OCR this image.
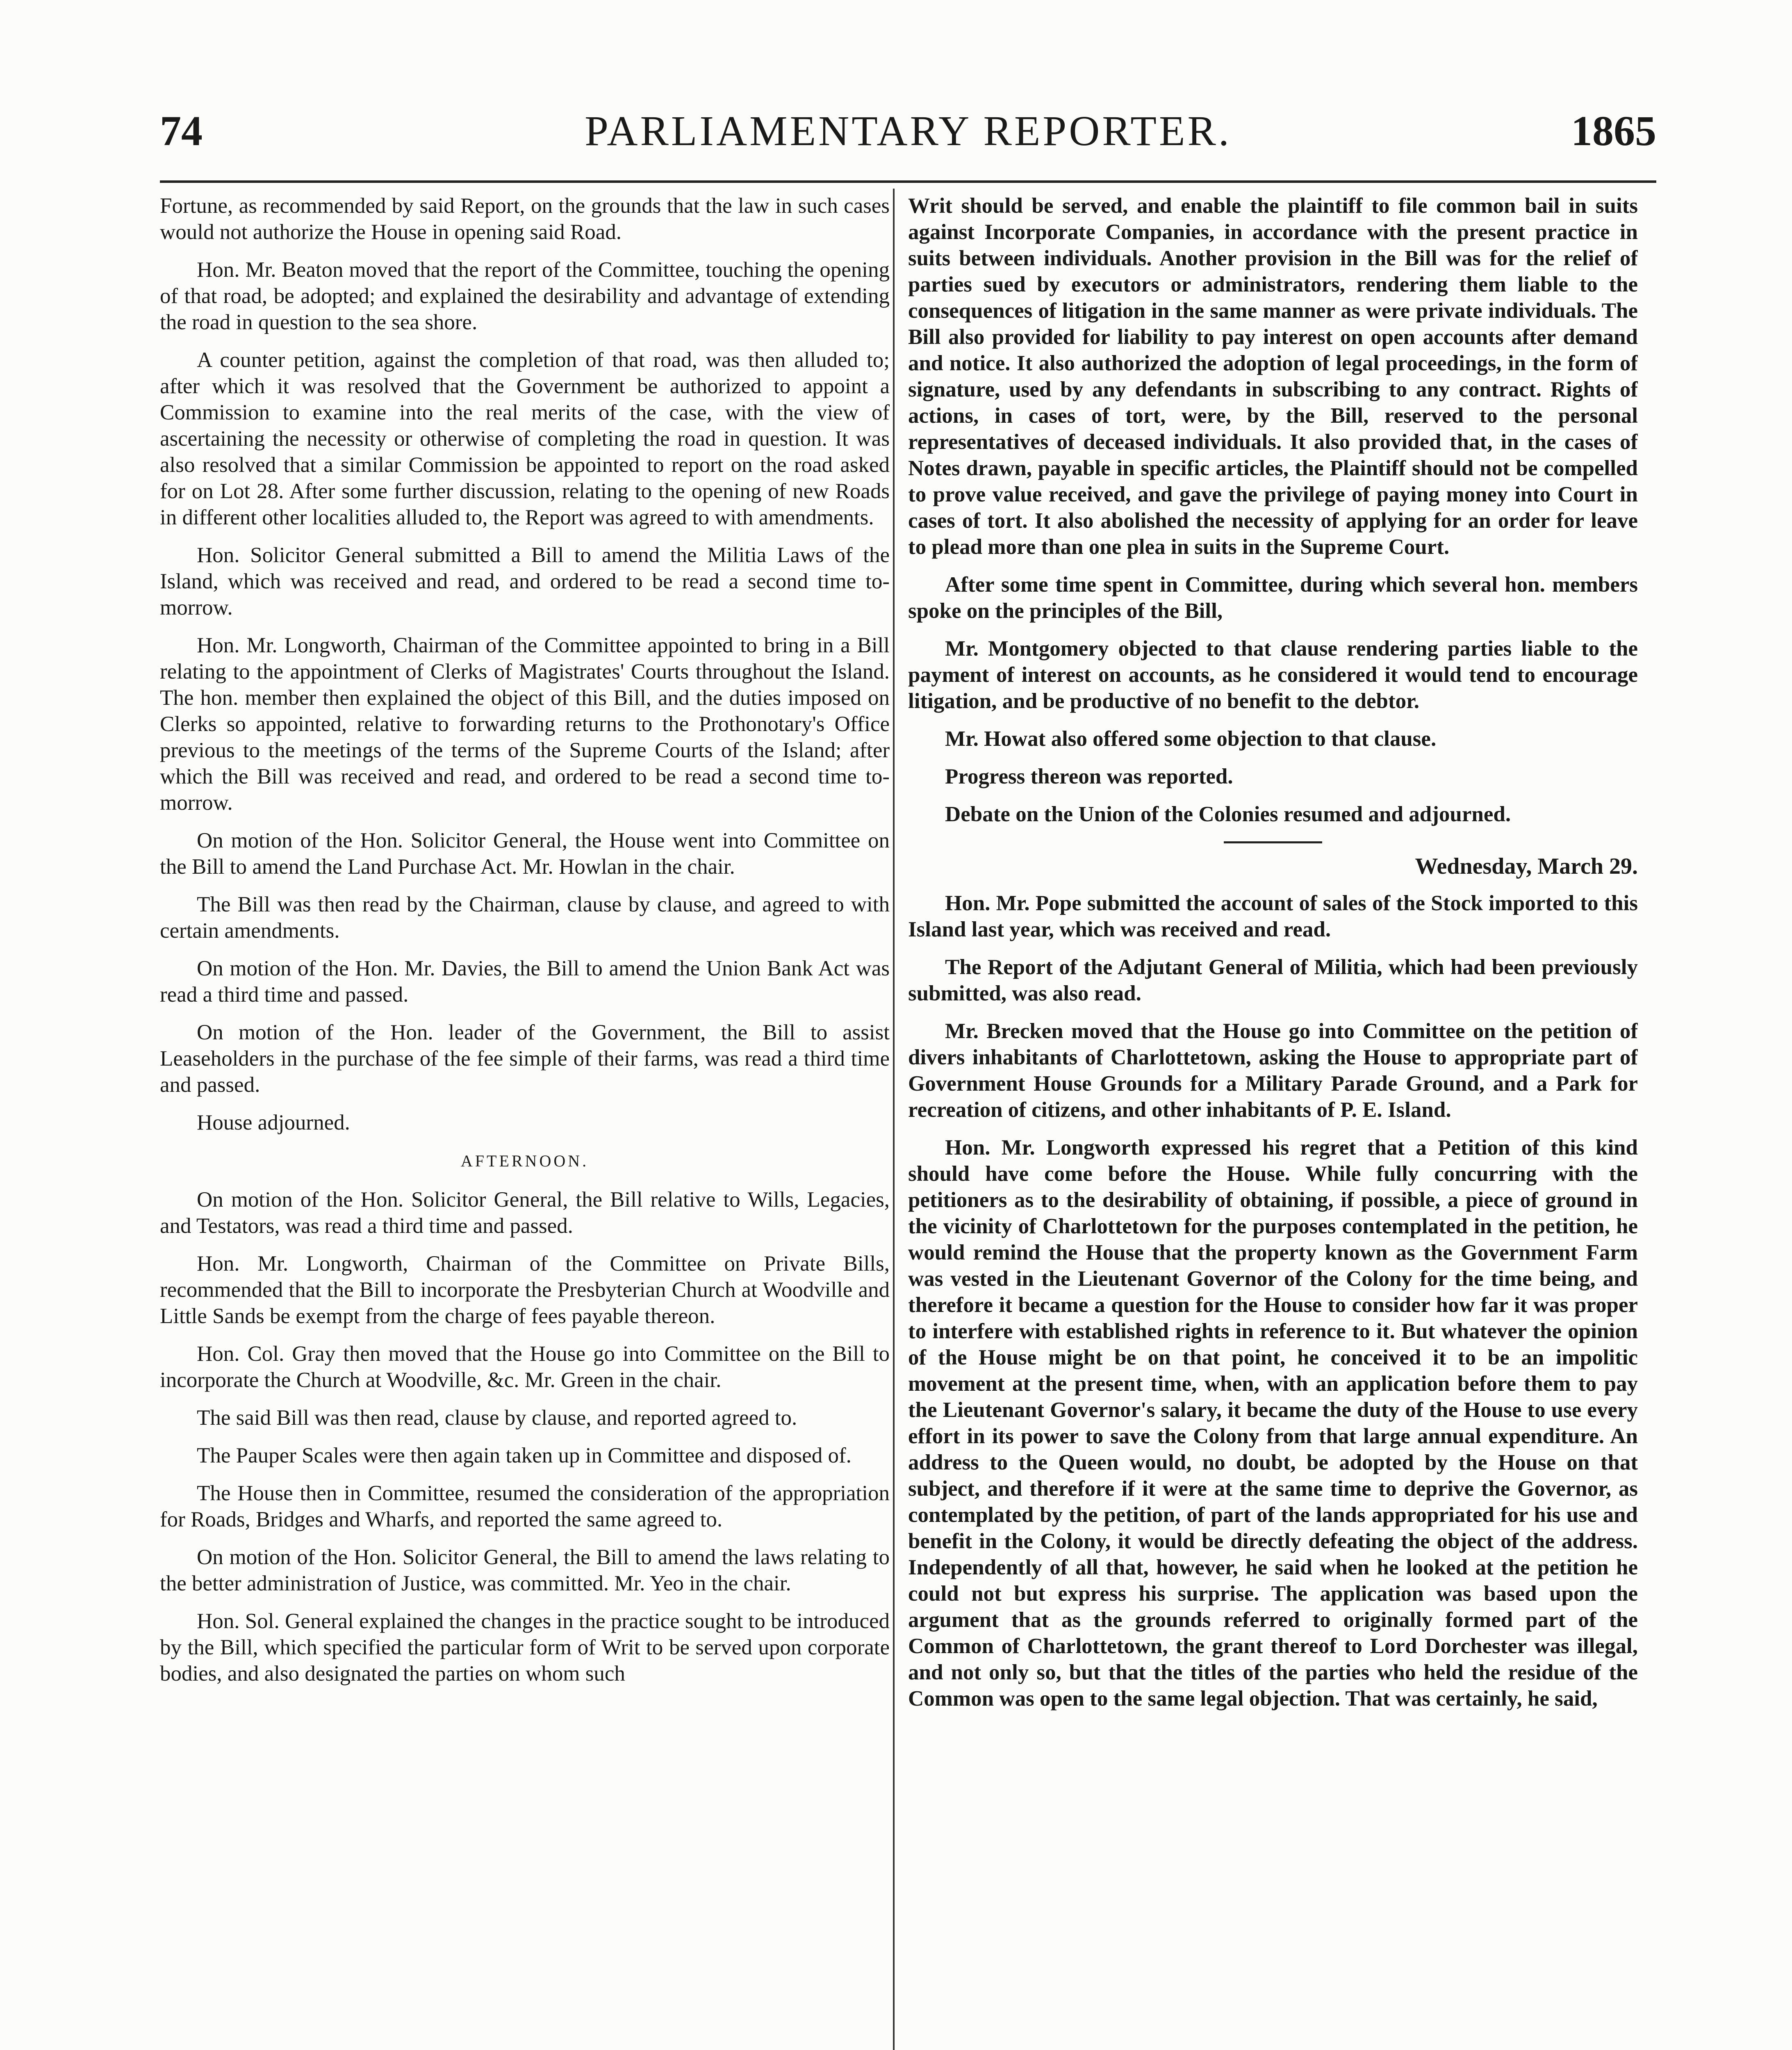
74	PARLIAMENTARY REPORTER.	1865

Fortune, as recommended by said Report, on the grounds that the law in such cases would not authorize the House in opening said Road.

Hon. Mr. Beaton moved that the report of the Committee, touching the opening of that road, be adopted; and explained the desirability and advantage of extending the road in question to the sea shore.

A counter petition, against the completion of that road, was then alluded to; after which it was resolved that the Government be authorized to appoint a Commission to examine into the real merits of the case, with the view of ascertaining the necessity or otherwise of completing the road in question. It was also resolved that a similar Commission be appointed to report on the road asked for on Lot 28. After some further discussion, relating to the opening of new Roads in different other localities alluded to, the Report was agreed to with amendments.

Hon. Solicitor General submitted a Bill to amend the Militia Laws of the Island, which was received and read, and ordered to be read a second time to-morrow.

Hon. Mr. Longworth, Chairman of the Committee appointed to bring in a Bill relating to the appointment of Clerks of Magistrates' Courts throughout the Island. The hon. member then explained the object of this Bill, and the duties imposed on Clerks so appointed, relative to forwarding returns to the Prothonotary's Office previous to the meetings of the terms of the Supreme Courts of the Island; after which the Bill was received and read, and ordered to be read a second time to-morrow.

On motion of the Hon. Solicitor General, the House went into Committee on the Bill to amend the Land Purchase Act. Mr. Howlan in the chair.

The Bill was then read by the Chairman, clause by clause, and agreed to with certain amendments.

On motion of the Hon. Mr. Davies, the Bill to amend the Union Bank Act was read a third time and passed.

On motion of the Hon. leader of the Government, the Bill to assist Leaseholders in the purchase of the fee simple of their farms, was read a third time and passed.

House adjourned.

AFTERNOON.

On motion of the Hon. Solicitor General, the Bill relative to Wills, Legacies, and Testators, was read a third time and passed.

Hon. Mr. Longworth, Chairman of the Committee on Private Bills, recommended that the Bill to incorporate the Presbyterian Church at Woodville and Little Sands be exempt from the charge of fees payable thereon.

Hon. Col. Gray then moved that the House go into Committee on the Bill to incorporate the Church at Woodville, &c. Mr. Green in the chair.

The said Bill was then read, clause by clause, and reported agreed to.

The Pauper Scales were then again taken up in Committee and disposed of.

The House then in Committee, resumed the consideration of the appropriation for Roads, Bridges and Wharfs, and reported the same agreed to.

On motion of the Hon. Solicitor General, the Bill to amend the laws relating to the better administration of Justice, was committed. Mr. Yeo in the chair.

Hon. Sol. General explained the changes in the practice sought to be introduced by the Bill, which specified the particular form of Writ to be served upon corporate bodies, and also designated the parties on whom such

Writ should be served, and enable the plaintiff to file common bail in suits against Incorporate Companies, in accordance with the present practice in suits between individuals. Another provision in the Bill was for the relief of parties sued by executors or administrators, rendering them liable to the consequences of litigation in the same manner as were private individuals. The Bill also provided for liability to pay interest on open accounts after demand and notice. It also authorized the adoption of legal proceedings, in the form of signature, used by any defendants in subscribing to any contract. Rights of actions, in cases of tort, were, by the Bill, reserved to the personal representatives of deceased individuals. It also provided that, in the cases of Notes drawn, payable in specific articles, the Plaintiff should not be compelled to prove value received, and gave the privilege of paying money into Court in cases of tort. It also abolished the necessity of applying for an order for leave to plead more than one plea in suits in the Supreme Court.

After some time spent in Committee, during which several hon. members spoke on the principles of the Bill,

Mr. Montgomery objected to that clause rendering parties liable to the payment of interest on accounts, as he considered it would tend to encourage litigation, and be productive of no benefit to the debtor.

Mr. Howat also offered some objection to that clause.

Progress thereon was reported.

Debate on the Union of the Colonies resumed and adjourned.

Wednesday, March 29.

Hon. Mr. Pope submitted the account of sales of the Stock imported to this Island last year, which was received and read.

The Report of the Adjutant General of Militia, which had been previously submitted, was also read.

Mr. Brecken moved that the House go into Committee on the petition of divers inhabitants of Charlottetown, asking the House to appropriate part of Government House Grounds for a Military Parade Ground, and a Park for recreation of citizens, and other inhabitants of P. E. Island.

Hon. Mr. Longworth expressed his regret that a Petition of this kind should have come before the House. While fully concurring with the petitioners as to the desirability of obtaining, if possible, a piece of ground in the vicinity of Charlottetown for the purposes contemplated in the petition, he would remind the House that the property known as the Government Farm was vested in the Lieutenant Governor of the Colony for the time being, and therefore it became a question for the House to consider how far it was proper to interfere with established rights in reference to it. But whatever the opinion of the House might be on that point, he conceived it to be an impolitic movement at the present time, when, with an application before them to pay the Lieutenant Governor's salary, it became the duty of the House to use every effort in its power to save the Colony from that large annual expenditure. An address to the Queen would, no doubt, be adopted by the House on that subject, and therefore if it were at the same time to deprive the Governor, as contemplated by the petition, of part of the lands appropriated for his use and benefit in the Colony, it would be directly defeating the object of the address. Independently of all that, however, he said when he looked at the petition he could not but express his surprise. The application was based upon the argument that as the grounds referred to originally formed part of the Common of Charlottetown, the grant thereof to Lord Dorchester was illegal, and not only so, but that the titles of the parties who held the residue of the Common was open to the same legal objection. That was certainly, he said,
